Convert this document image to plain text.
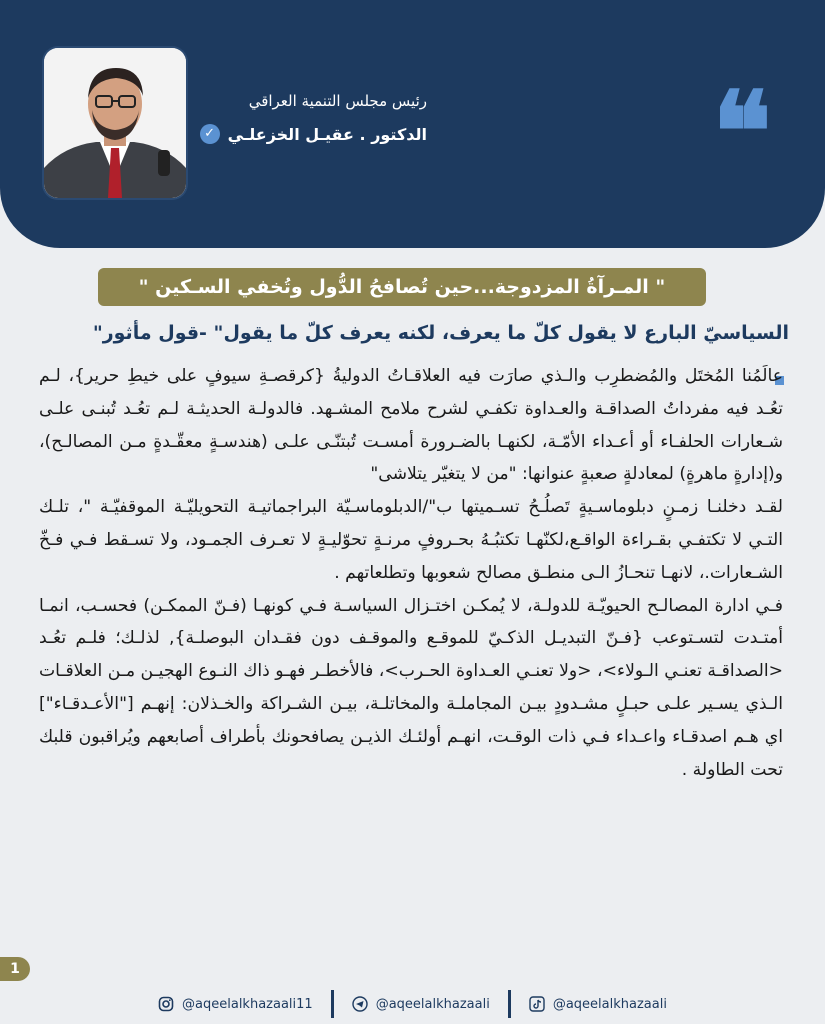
رئيس مجلس التنمية العراقي
الدكتور . عقيـل الخزعلـي
✓	❝
" المـرآةُ المزدوجة...حين تُصافحُ الدُّول وتُخفي السـكين "
السياسيّ البارع لا يقول كلّ ما يعرف، لكنه يعرف كلّ ما يقول" -قول مأثور"

عالَمُنا المُختَل والمُضطرِب والـذي صارَت فيه العلاقـاتُ الدوليةُ {كرقصـةِ سيوفٍ على خيطِ حرير}، لـم تعُـد فيه مفرداتُ الصداقـة والعـداوة تكفـي لشرح ملامح المشـهد. فالدولـة الحديثـة لـم تعُـد تُبنـى علـى شـعارات الحلفـاء أو أعـداء الأمّـة، لكنهـا بالضـرورة أمسـت تُبتنّـى علـى (هندسـةٍ معقّـدةٍ مـن المصالـح)، و(إدارةٍ ماهرةٍ) لمعادلةٍ صعبةٍ عنوانها: "من لا يتغيّر يتلاشى"

لقـد دخلنـا زمـنٍ دبلوماسـيةٍ تَصلُـحُ تسـميتها ب"/الدبلوماسـيّة البراجماتيـة التحويليّـة الموقفيّـة "، تلـك التـي لا تكتفـي بقـراءة الواقـع،لكنّهـا تكتبُـهُ بحـروفٍ مرنـةٍ تحوّليـةٍ لا تعـرف الجمـود، ولا تسـقط فـي فـخّ الشـعارات.، لانهـا تنحـازُ الـى منطـق مصالح شعوبها وتطلعاتهم .

فـي ادارة المصالـح الحيويّـة للدولـة، لا يُمكـن اختـزال السياسـة فـي كونهـا (فـنّ الممكـن) فحسـب، انمـا أمتـدت لتسـتوعب {فـنّ التبديـل الذكـيّ للموقـع والموقـف دون فقـدان البوصلـة}, لذلـك؛ فلـم تعُـد <الصداقـة تعنـي الـولاء>، <ولا تعنـي العـداوة الحـرب>، فالأخطـر فهـو ذاك النـوع الهجيـن مـن العلاقـات الـذي يسـير علـى حبـلٍ مشـدودٍ بيـن المجاملـة والمخاتلـة، بيـن الشـراكة والخـذلان: إنهـم ["الأعـدقـاء"] اي هـم اصدقـاء واعـداء فـي ذات الوقـت، انهـم أولئـك الذيـن يصافحونك بأطراف أصابعهم ويُراقبون قلبك تحت الطاولة .

1
@aqeelalkhazaali11	@aqeelalkhazaali	@aqeelalkhazaali
